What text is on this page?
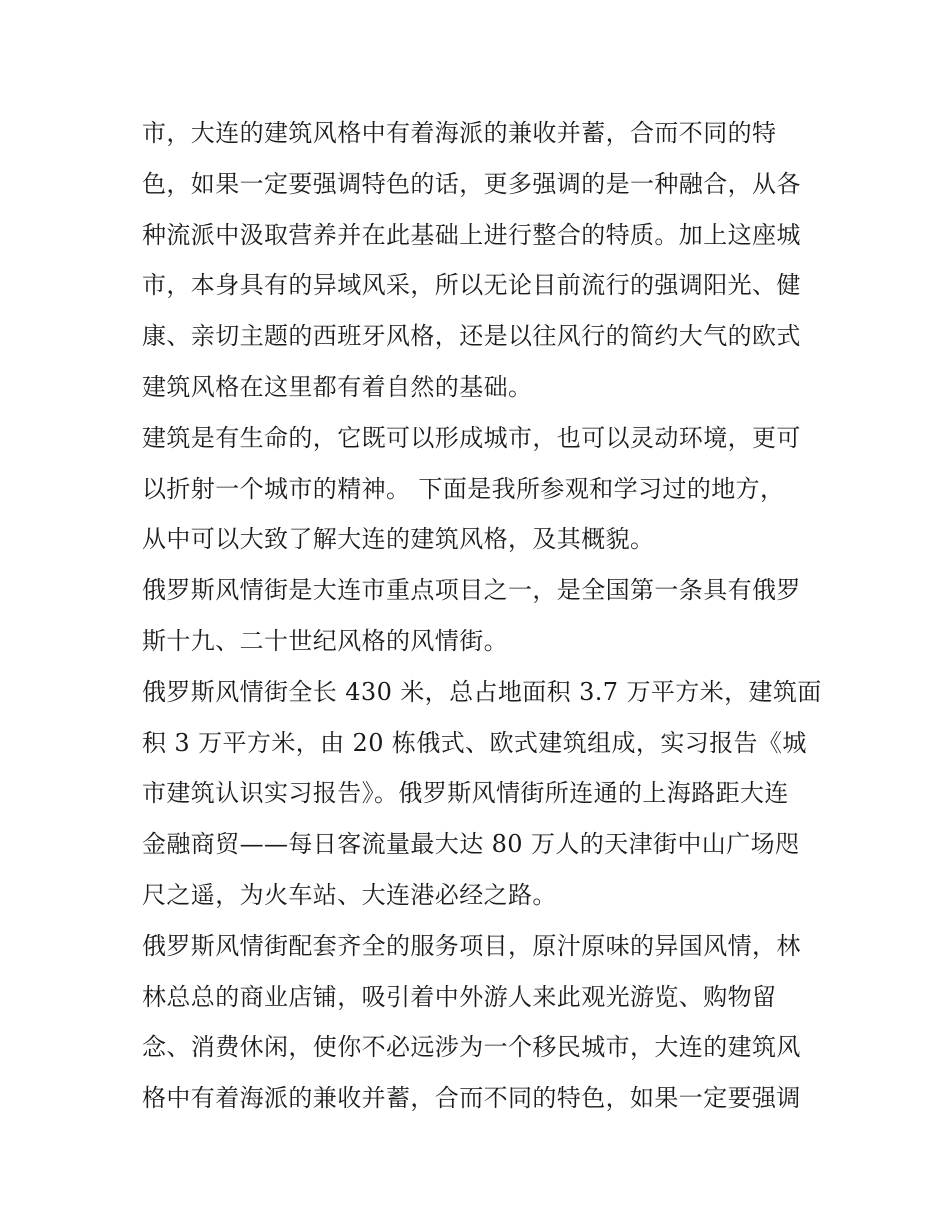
市，大连的建筑风格中有着海派的兼收并蓄，合而不同的特
色，如果一定要强调特色的话，更多强调的是一种融合，从各
种流派中汲取营养并在此基础上进行整合的特质。加上这座城
市，本身具有的异域风采，所以无论目前流行的强调阳光、健
康、亲切主题的西班牙风格，还是以往风行的简约大气的欧式
建筑风格在这里都有着自然的基础。
建筑是有生命的，它既可以形成城市，也可以灵动环境，更可
以折射一个城市的精神。 下面是我所参观和学习过的地方，
从中可以大致了解大连的建筑风格，及其概貌。
俄罗斯风情街是大连市重点项目之一，是全国第一条具有俄罗
斯十九、二十世纪风格的风情街。
俄罗斯风情街全长 430 米，总占地面积 3.7 万平方米，建筑面
积 3 万平方米，由 20 栋俄式、欧式建筑组成，实习报告《城
市建筑认识实习报告》。俄罗斯风情街所连通的上海路距大连
金融商贸——每日客流量最大达 80 万人的天津街中山广场咫
尺之遥，为火车站、大连港必经之路。
俄罗斯风情街配套齐全的服务项目，原汁原味的异国风情，林
林总总的商业店铺，吸引着中外游人来此观光游览、购物留
念、消费休闲，使你不必远涉为一个移民城市，大连的建筑风
格中有着海派的兼收并蓄，合而不同的特色，如果一定要强调
